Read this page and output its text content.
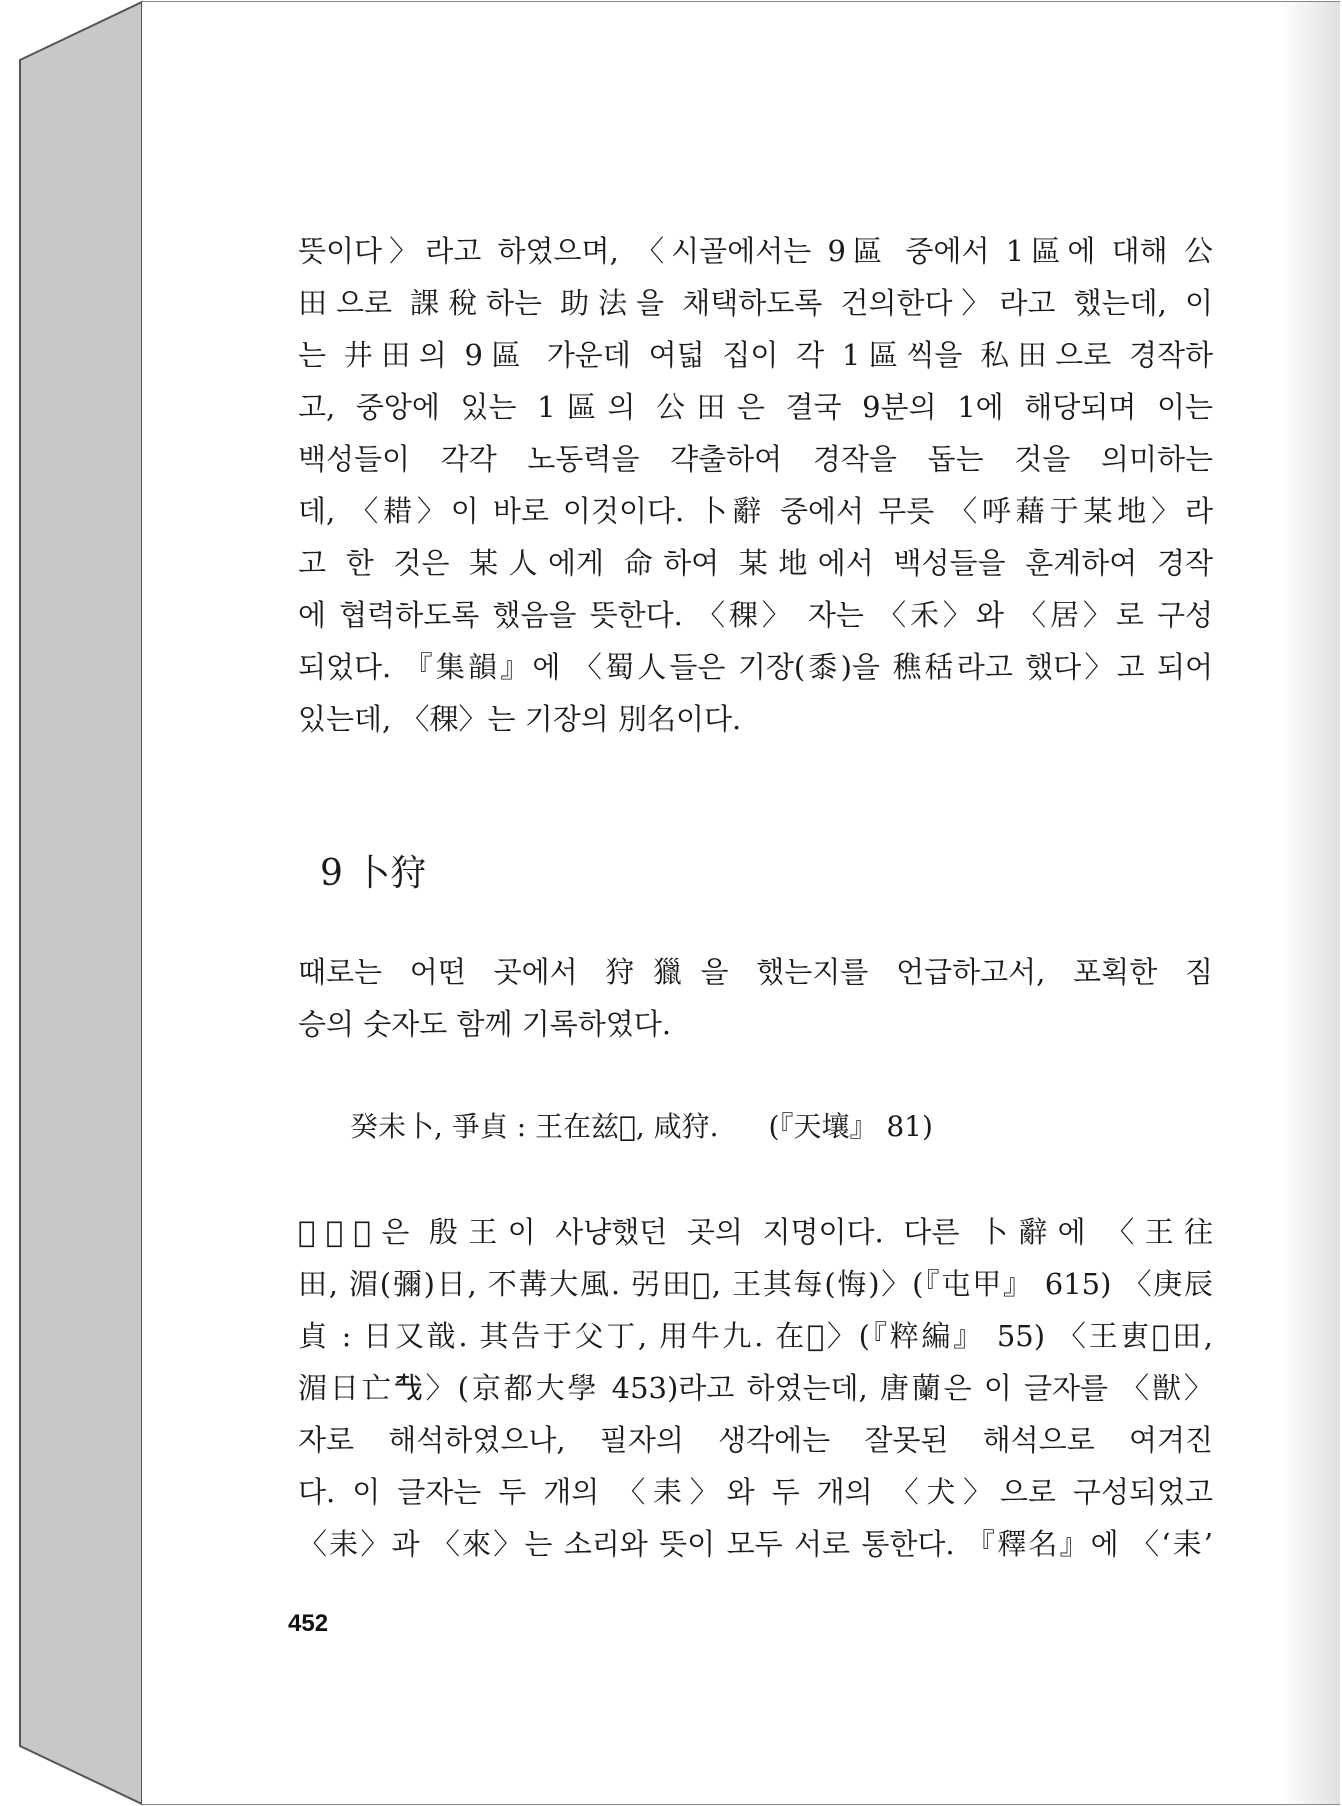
뜻이다〉라고 하였으며, 〈시골에서는 9區 중에서 1區에 대해 公
田으로 課稅하는 助法을 채택하도록 건의한다〉라고 했는데, 이
는 井田의 9區 가운데 여덟 집이 각 1區씩을 私田으로 경작하
고, 중앙에 있는 1區의 公田은 결국 9분의 1에 해당되며 이는
백성들이 각각 노동력을 갹출하여 경작을 돕는 것을 의미하는
데, 〈耤〉이 바로 이것이다. 卜辭 중에서 무릇 〈呼藉于某地〉라
고 한 것은 某人에게 命하여 某地에서 백성들을 훈계하여 경작
에 협력하도록 했음을 뜻한다. 〈稞〉 자는 〈禾〉와 〈居〉로 구성
되었다. 『集韻』에 〈蜀人들은 기장(黍)을 穛秳라고 했다〉고 되어
있는데, 〈稞〉는 기장의 別名이다.
9 卜狩
때로는 어떤 곳에서 狩獵을 했는지를 언급하고서, 포획한 짐
승의 숫자도 함께 기록하였다.
癸未卜, 爭貞 : 王在兹𣑾, 咸狩. (『天壤』 81)
〈𣑾〉은 殷王이 사냥했던 곳의 지명이다. 다른 卜辭에 〈王往
田, 湄(彌)日, 不冓大風. 弜田𣑾, 王其每(悔)〉(『屯甲』 615) 〈庚辰
貞 : 日又戠. 其告于父丁, 用牛九. 在𣑾〉(『粹編』 55) 〈王叀𣑾田,
湄日亡𢦔〉(京都大學 453)라고 하였는데, 唐蘭은 이 글자를 〈獣〉
자로 해석하였으나, 필자의 생각에는 잘못된 해석으로 여겨진
다. 이 글자는 두 개의 〈耒〉와 두 개의 〈犬〉으로 구성되었고
〈耒〉과 〈來〉는 소리와 뜻이 모두 서로 통한다. 『釋名』에 〈‘耒’
452
